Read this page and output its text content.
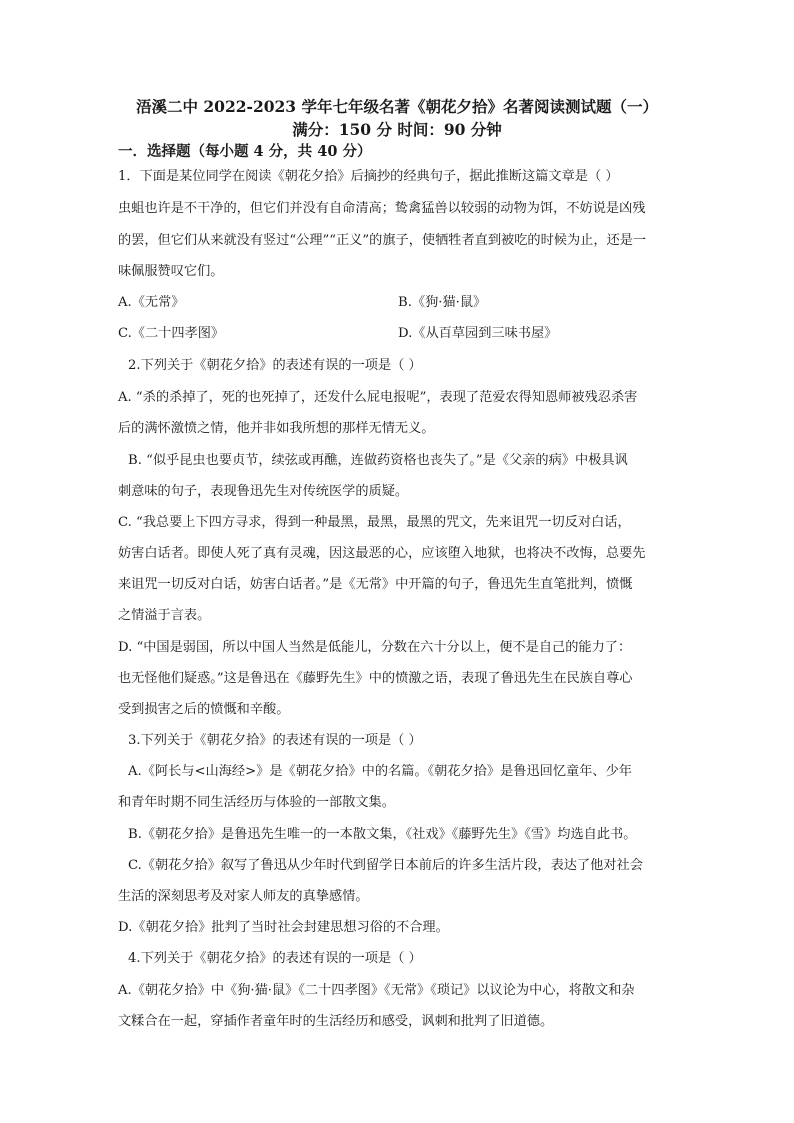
浯溪二中 2022-2023 学年七年级名著《朝花夕拾》名著阅读测试题（一）
满分：150 分 时间：90 分钟
一．选择题（每小题 4 分，共 40 分）
1．下面是某位同学在阅读《朝花夕拾》后摘抄的经典句子，据此推断这篇文章是（ ）
虫蛆也许是不干净的，但它们并没有自命清高；鸷禽猛兽以较弱的动物为饵，不妨说是凶残
的罢，但它们从来就没有竖过“公理”“正义”的旗子，使牺牲者直到被吃的时候为止，还是一
味佩服赞叹它们。
A.《无常》	B.《狗·猫·鼠》
C.《二十四孝图》	D.《从百草园到三味书屋》
2.下列关于《朝花夕拾》的表述有误的一项是（ ）
A. “杀的杀掉了，死的也死掉了，还发什么屁电报呢”，表现了范爱农得知恩师被残忍杀害
后的满怀激愤之情，他并非如我所想的那样无情无义。
B. “似乎昆虫也要贞节，续弦或再醮，连做药资格也丧失了。”是《父亲的病》中极具讽
刺意味的句子，表现鲁迅先生对传统医学的质疑。
C. “我总要上下四方寻求，得到一种最黑，最黑，最黑的咒文，先来诅咒一切反对白话，
妨害白话者。即使人死了真有灵魂，因这最恶的心，应该堕入地狱，也将决不改悔，总要先
来诅咒一切反对白话，妨害白话者。”是《无常》中开篇的句子，鲁迅先生直笔批判，愤慨
之情溢于言表。
D. “中国是弱国，所以中国人当然是低能儿，分数在六十分以上，便不是自己的能力了：
也无怪他们疑惑。”这是鲁迅在《藤野先生》中的愤激之语，表现了鲁迅先生在民族自尊心
受到损害之后的愤慨和辛酸。
3.下列关于《朝花夕拾》的表述有误的一项是（ ）
A.《阿长与<山海经>》是《朝花夕拾》中的名篇。《朝花夕拾》是鲁迅回忆童年、少年
和青年时期不同生活经历与体验的一部散文集。
B.《朝花夕拾》是鲁迅先生唯一的一本散文集，《社戏》《藤野先生》《雪》均选自此书。
C.《朝花夕拾》叙写了鲁迅从少年时代到留学日本前后的许多生活片段，表达了他对社会
生活的深刻思考及对家人师友的真挚感情。
D.《朝花夕拾》批判了当时社会封建思想习俗的不合理。
4.下列关于《朝花夕拾》的表述有误的一项是（ ）
A.《朝花夕拾》中《狗·猫·鼠》《二十四孝图》《无常》《琐记》以议论为中心，将散文和杂
文糅合在一起，穿插作者童年时的生活经历和感受，讽刺和批判了旧道德。
